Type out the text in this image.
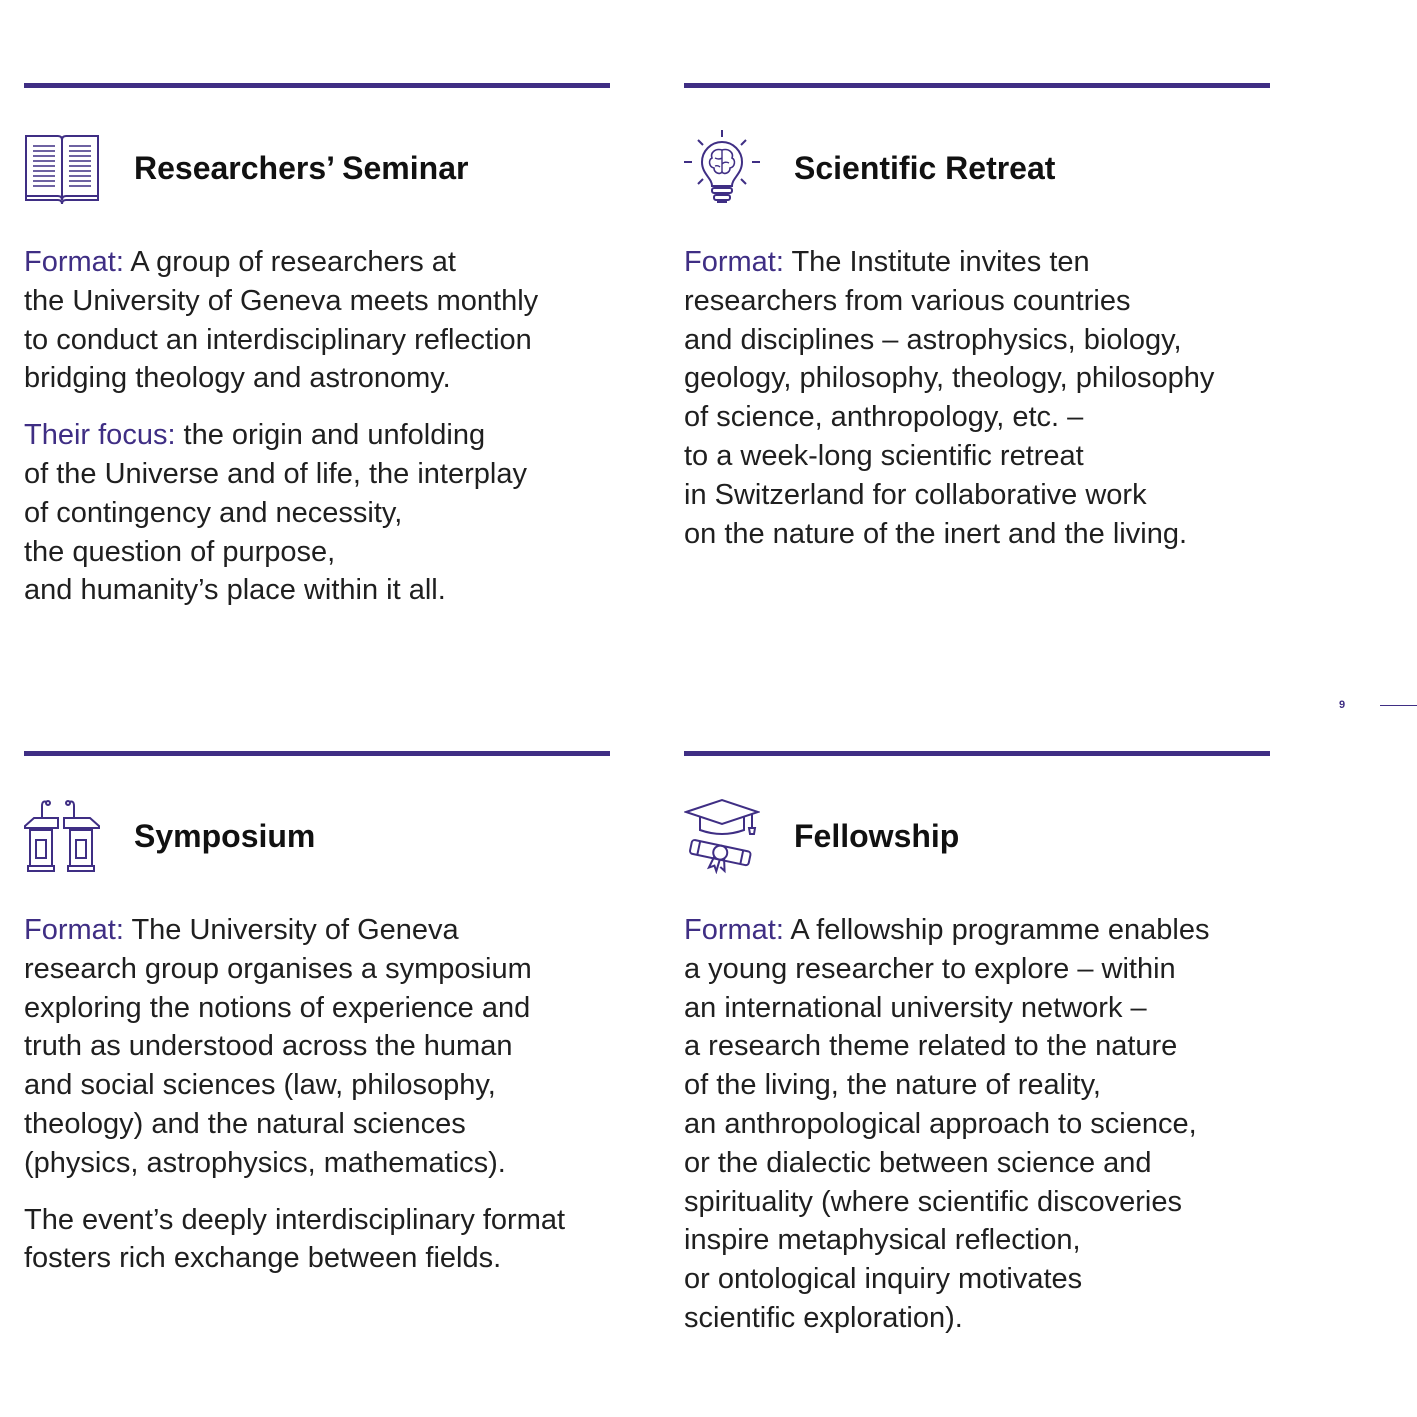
Researchers’ Seminar

Format: A group of researchers at
the University of Geneva meets monthly
to conduct an interdisciplinary reflection
bridging theology and astronomy.

Their focus: the origin and unfolding
of the Universe and of life, the interplay
of contingency and necessity,
the question of purpose,
and humanity’s place within it all.

Scientific Retreat

Format: The Institute invites ten
researchers from various countries
and disciplines – astrophysics, biology,
geology, philosophy, theology, philosophy
of science, anthropology, etc. –
to a week-long scientific retreat
in Switzerland for collaborative work
on the nature of the inert and the living.

Symposium

Format: The University of Geneva
research group organises a symposium
exploring the notions of experience and
truth as understood across the human
and social sciences (law, philosophy,
theology) and the natural sciences
(physics, astrophysics, mathematics).

The event’s deeply interdisciplinary format
fosters rich exchange between fields.

Fellowship

Format: A fellowship programme enables
a young researcher to explore – within
an international university network –
a research theme related to the nature
of the living, the nature of reality,
an anthropological approach to science,
or the dialectic between science and
spirituality (where scientific discoveries
inspire metaphysical reflection,
or ontological inquiry motivates
scientific exploration).

9
